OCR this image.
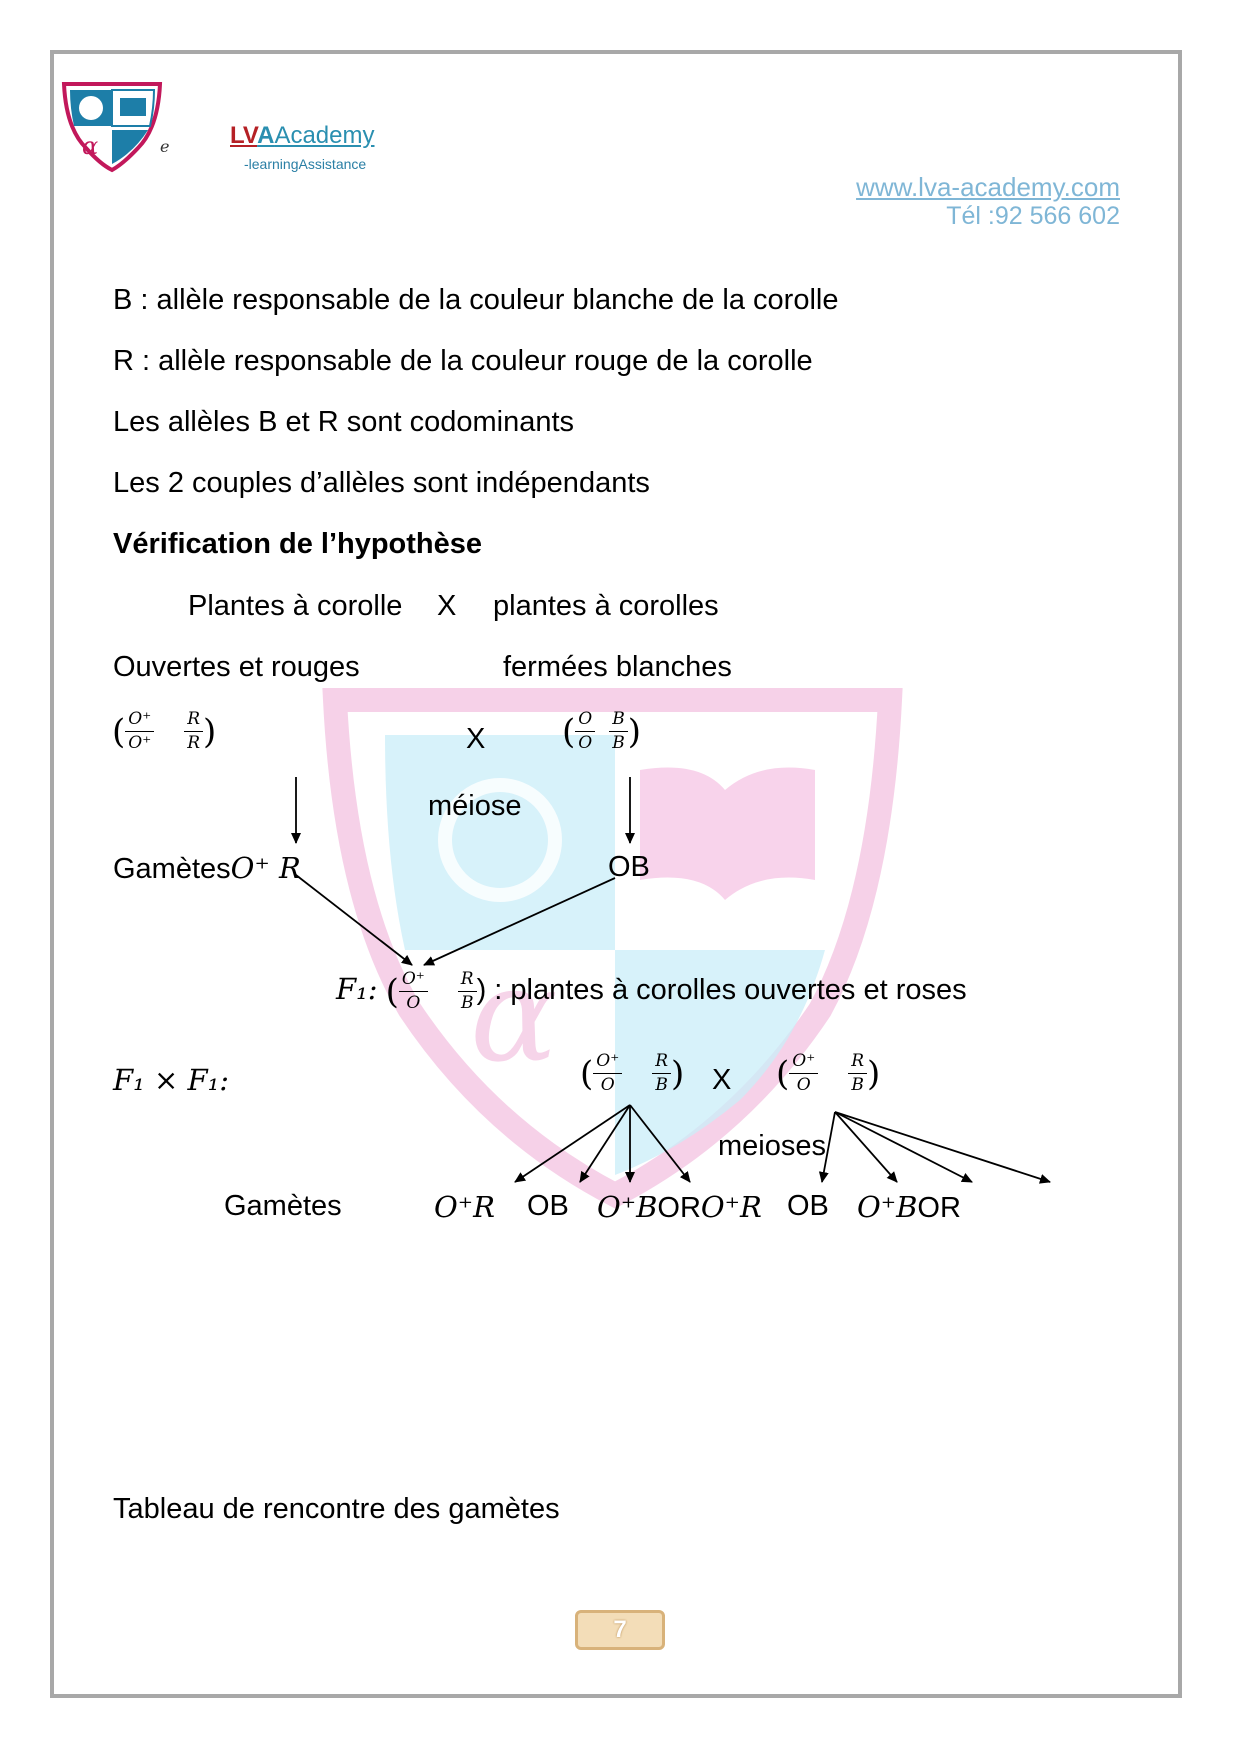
α
α	e	LVAAcademy
-learningAssistance
www.lva-academy.com
Tél :92 566 602
B : allèle responsable de la couleur blanche de la corolle
R : allèle responsable de la couleur rouge de la corolle
Les allèles B et R sont codominants
Les 2 couples d’allèles sont indépendants
Vérification de l’hypothèse
Plantes à corolle X plantes à corolles
Ouvertes et rouges	fermées blanches
( $\frac{O^+}{O^+} \frac{R}{R}$ )	X ( $\frac{O}{O} \frac{B}{B}$ )
méiose
GamètesO⁺ R	OB
F₁: ( $\frac{O^+}{O} \frac{R}{B}$ ) : plantes à corolles ouvertes et roses
F₁ × F₁:	( $\frac{O^+}{O} \frac{R}{B}$ ) X ( $\frac{O^+}{O} \frac{R}{B}$ )
meioses
Gamètes	O⁺R OB O⁺BORO⁺R OB O⁺BOR
Tableau de rencontre des gamètes
7
